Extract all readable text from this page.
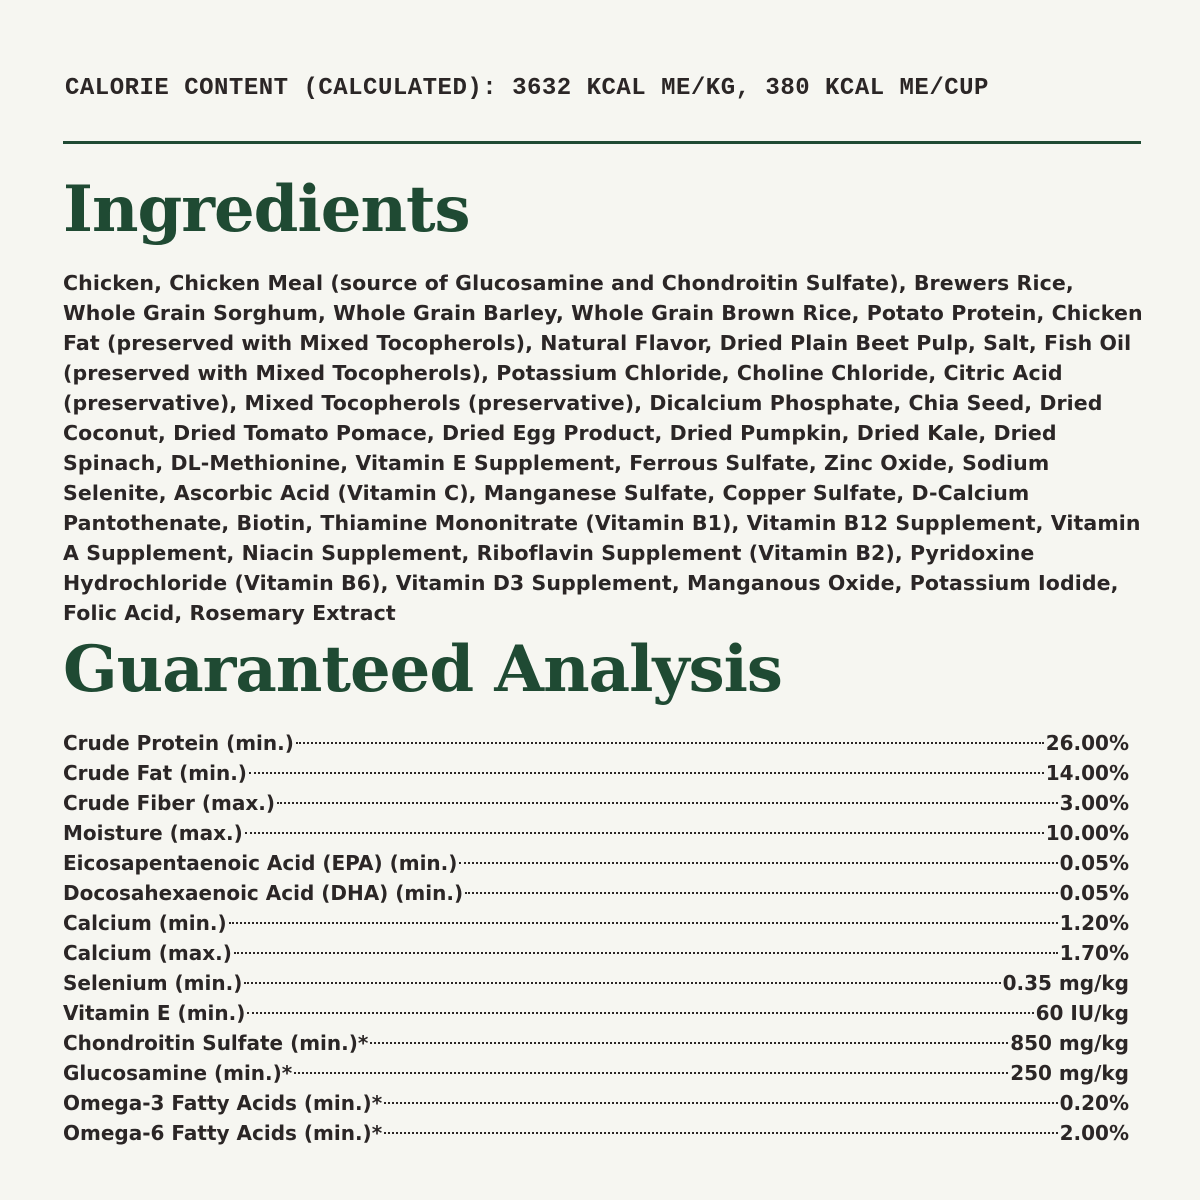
CALORIE CONTENT (CALCULATED): 3632 KCAL ME/KG, 380 KCAL ME/CUP
Ingredients

Chicken, Chicken Meal (source of Glucosamine and Chondroitin Sulfate), Brewers Rice, Whole Grain Sorghum, Whole Grain Barley, Whole Grain Brown Rice, Potato Protein, Chicken Fat (preserved with Mixed Tocopherols), Natural Flavor, Dried Plain Beet Pulp, Salt, Fish Oil (preserved with Mixed Tocopherols), Potassium Chloride, Choline Chloride, Citric Acid (preservative), Mixed Tocopherols (preservative), Dicalcium Phosphate, Chia Seed, Dried Coconut, Dried Tomato Pomace, Dried Egg Product, Dried Pumpkin, Dried Kale, Dried Spinach, DL-Methionine, Vitamin E Supplement, Ferrous Sulfate, Zinc Oxide, Sodium Selenite, Ascorbic Acid (Vitamin C), Manganese Sulfate, Copper Sulfate, D-Calcium Pantothenate, Biotin, Thiamine Mononitrate (Vitamin B1), Vitamin B12 Supplement, Vitamin A Supplement, Niacin Supplement, Riboflavin Supplement (Vitamin B2), Pyridoxine Hydrochloride (Vitamin B6), Vitamin D3 Supplement, Manganous Oxide, Potassium Iodide, Folic Acid, Rosemary Extract

Guaranteed Analysis
Crude Protein (min.)	26.00%
Crude Fat (min.)	14.00%
Crude Fiber (max.)	3.00%
Moisture (max.)	10.00%
Eicosapentaenoic Acid (EPA) (min.)	0.05%
Docosahexaenoic Acid (DHA) (min.)	0.05%
Calcium (min.)	1.20%
Calcium (max.)	1.70%
Selenium (min.)	0.35 mg/kg
Vitamin E (min.)	60 IU/kg
Chondroitin Sulfate (min.)*	850 mg/kg
Glucosamine (min.)*	250 mg/kg
Omega-3 Fatty Acids (min.)*	0.20%
Omega-6 Fatty Acids (min.)*	2.00%
